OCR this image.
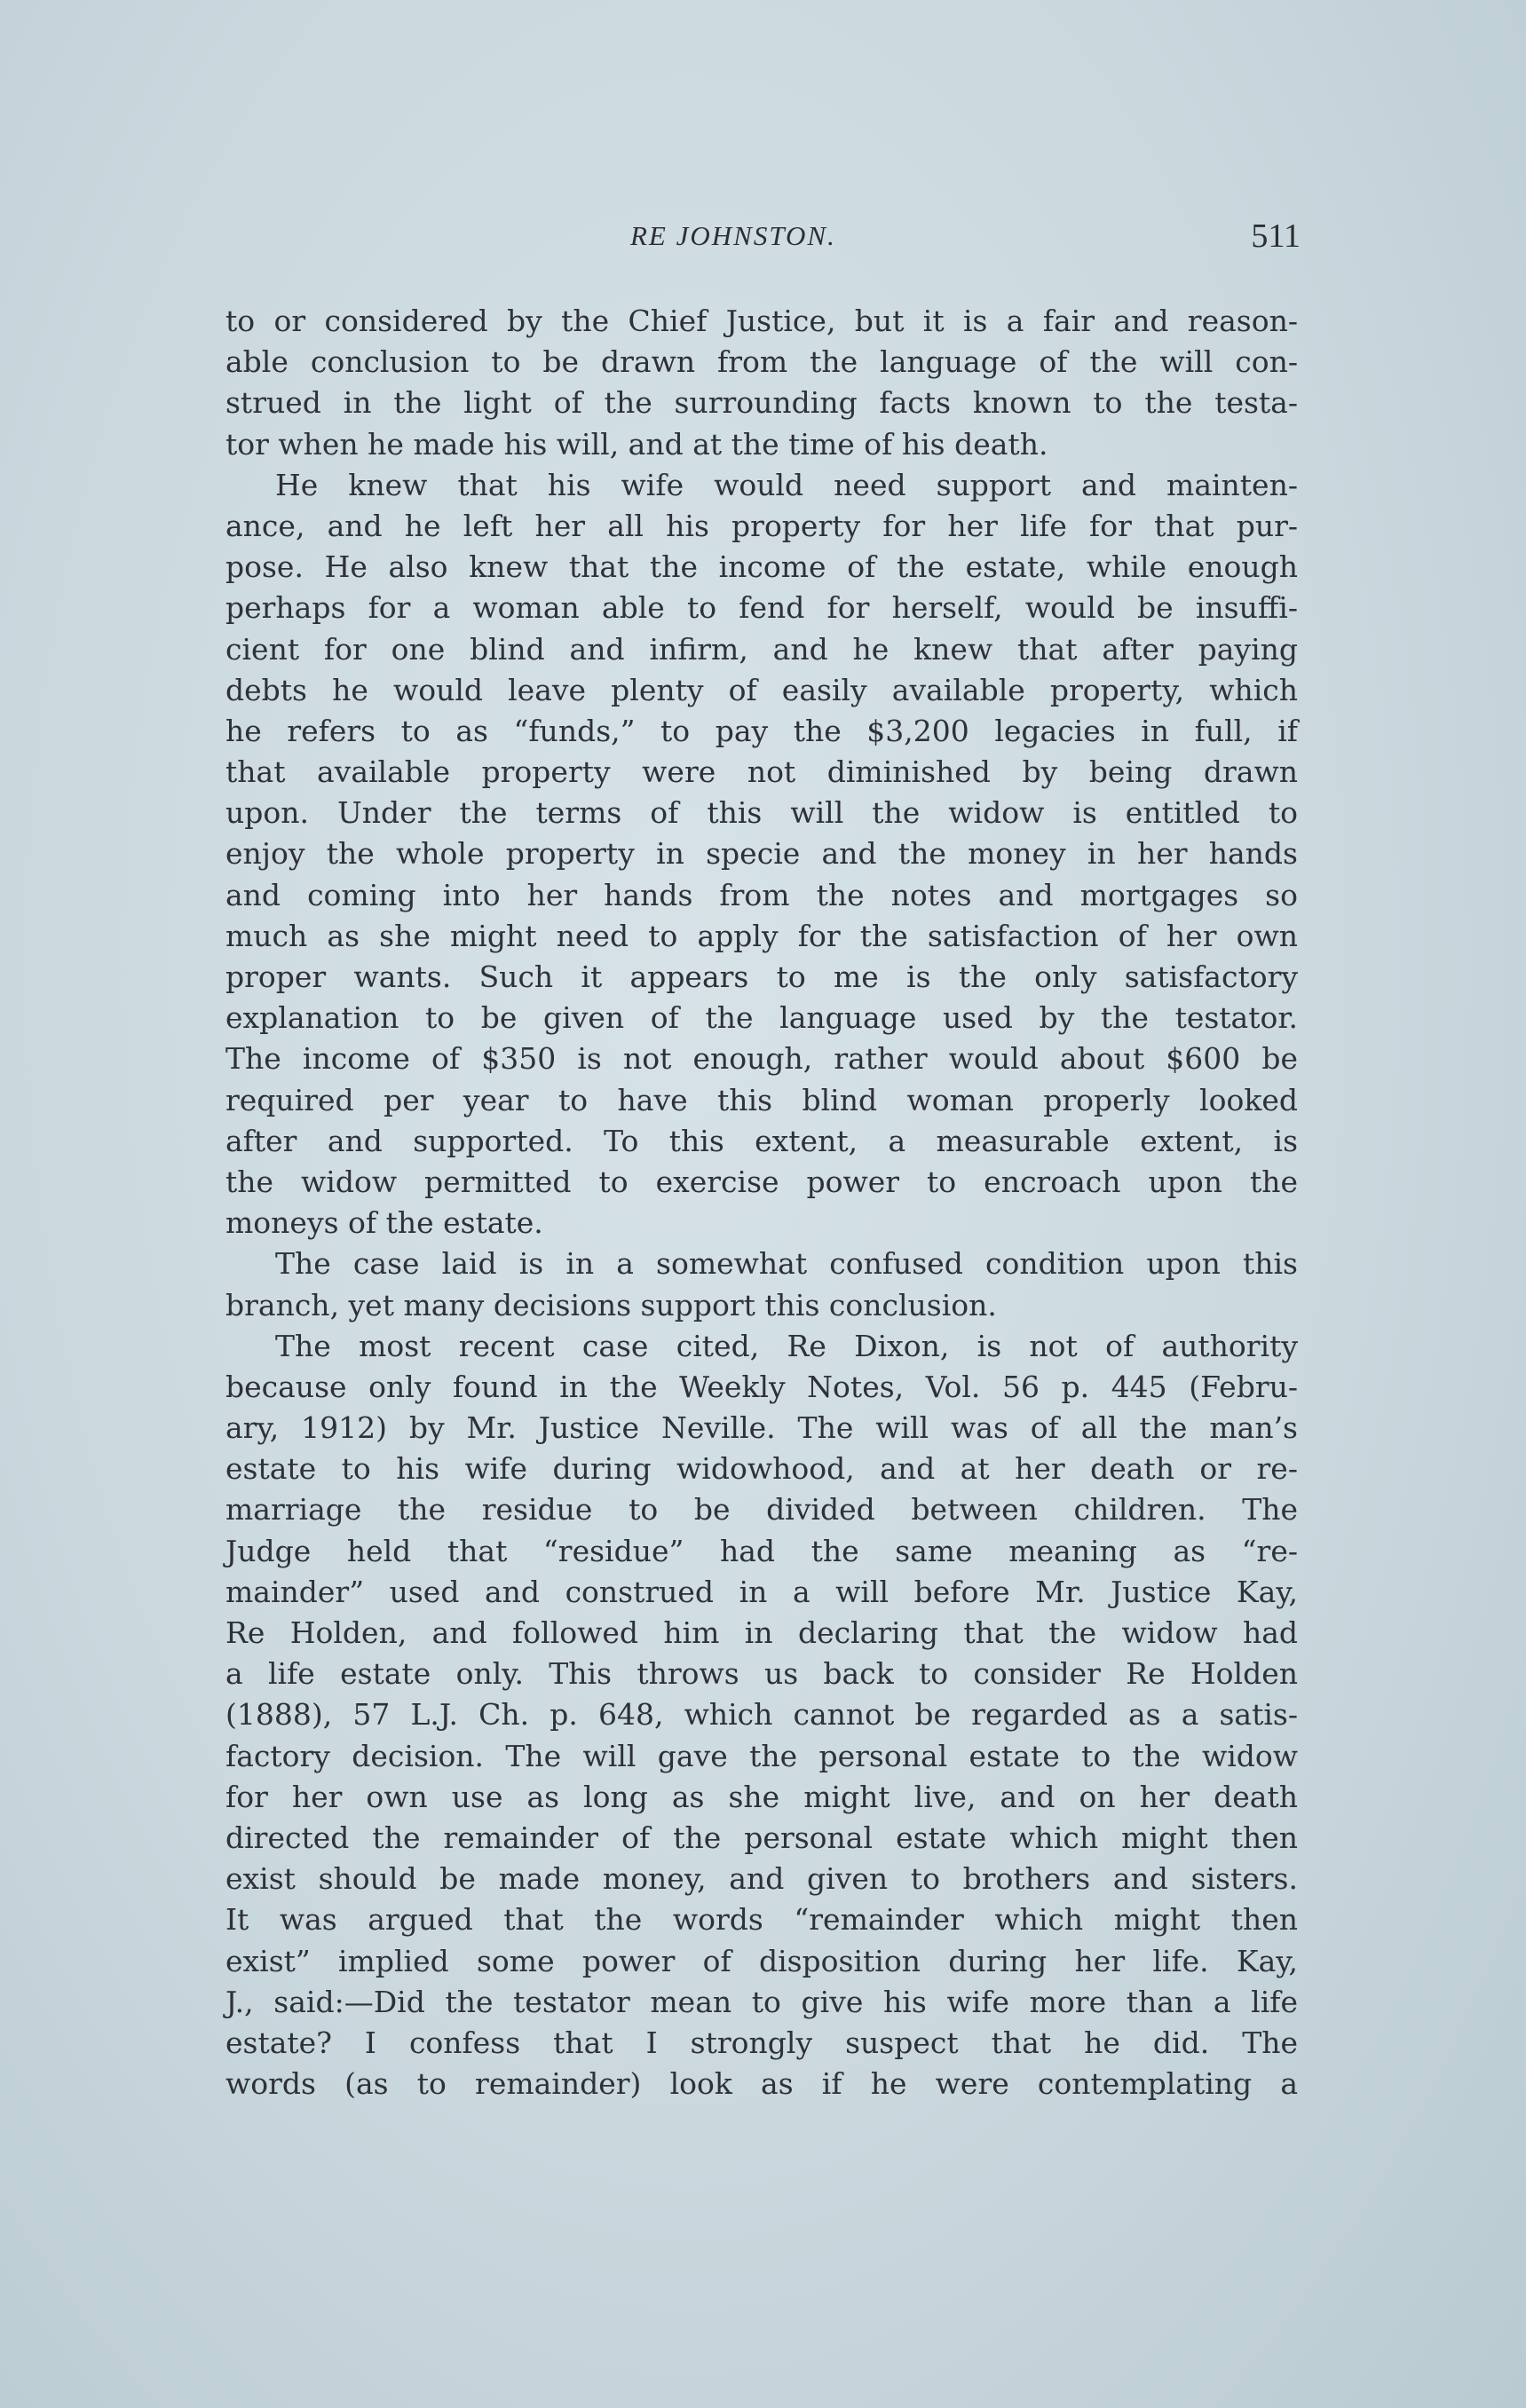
RE JOHNSTON.	511
to or considered by the Chief Justice, but it is a fair and reason-
able conclusion to be drawn from the language of the will con-
strued in the light of the surrounding facts known to the testa-
tor when he made his will, and at the time of his death.
He knew that his wife would need support and mainten-
ance, and he left her all his property for her life for that pur-
pose. He also knew that the income of the estate, while enough
perhaps for a woman able to fend for herself, would be insuffi-
cient for one blind and infirm, and he knew that after paying
debts he would leave plenty of easily available property, which
he refers to as “funds,” to pay the $3,200 legacies in full, if
that available property were not diminished by being drawn
upon. Under the terms of this will the widow is entitled to
enjoy the whole property in specie and the money in her hands
and coming into her hands from the notes and mortgages so
much as she might need to apply for the satisfaction of her own
proper wants. Such it appears to me is the only satisfactory
explanation to be given of the language used by the testator.
The income of $350 is not enough, rather would about $600 be
required per year to have this blind woman properly looked
after and supported. To this extent, a measurable extent, is
the widow permitted to exercise power to encroach upon the
moneys of the estate.
The case laid is in a somewhat confused condition upon this
branch, yet many decisions support this conclusion.
The most recent case cited, Re Dixon, is not of authority
because only found in the Weekly Notes, Vol. 56 p. 445 (Febru-
ary, 1912) by Mr. Justice Neville. The will was of all the man’s
estate to his wife during widowhood, and at her death or re-
marriage the residue to be divided between children. The
Judge held that “residue” had the same meaning as “re-
mainder” used and construed in a will before Mr. Justice Kay,
Re Holden, and followed him in declaring that the widow had
a life estate only. This throws us back to consider Re Holden
(1888), 57 L.J. Ch. p. 648, which cannot be regarded as a satis-
factory decision. The will gave the personal estate to the widow
for her own use as long as she might live, and on her death
directed the remainder of the personal estate which might then
exist should be made money, and given to brothers and sisters.
It was argued that the words “remainder which might then
exist” implied some power of disposition during her life. Kay,
J., said:—Did the testator mean to give his wife more than a life
estate? I confess that I strongly suspect that he did. The
words (as to remainder) look as if he were contemplating a
